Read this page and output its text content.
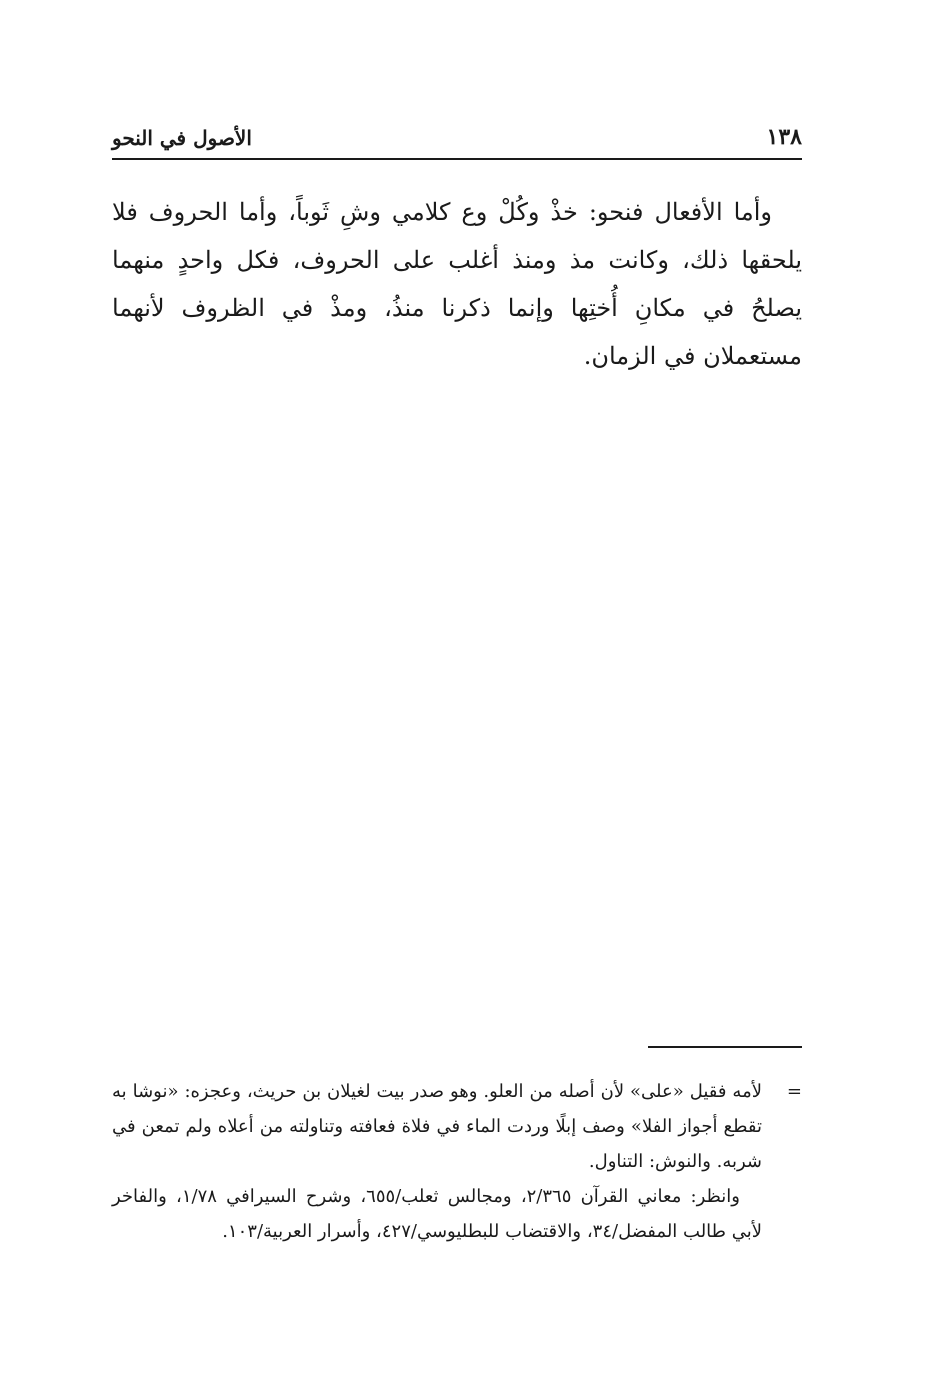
١٣٨
الأصول في النحو

وأما الأفعال فنحو: خذْ وكُلْ وع كلامي وشِ ثَوباً، وأما الحروف فلا يلحقها ذلك، وكانت مذ ومنذ أغلب على الحروف، فكل واحدٍ منهما يصلحُ في مكانِ أُختِها وإنما ذكرنا منذُ، ومذْ في الظروف لأنهما مستعملان في الزمان.

=
لأمه فقيل «على» لأن أصله من العلو. وهو صدر بيت لغيلان بن حريث، وعجزه: «نوشا به تقطع أجواز الفلا» وصف إبلًا وردت الماء في فلاة فعافته وتناولته من أعلاه ولم تمعن في شربه. والنوش: التناول.

وانظر: معاني القرآن ٢/٣٦٥، ومجالس ثعلب/٦٥٥، وشرح السيرافي ١/٧٨، والفاخر لأبي طالب المفضل/٣٤، والاقتضاب للبطليوسي/٤٢٧، وأسرار العربية/١٠٣.
